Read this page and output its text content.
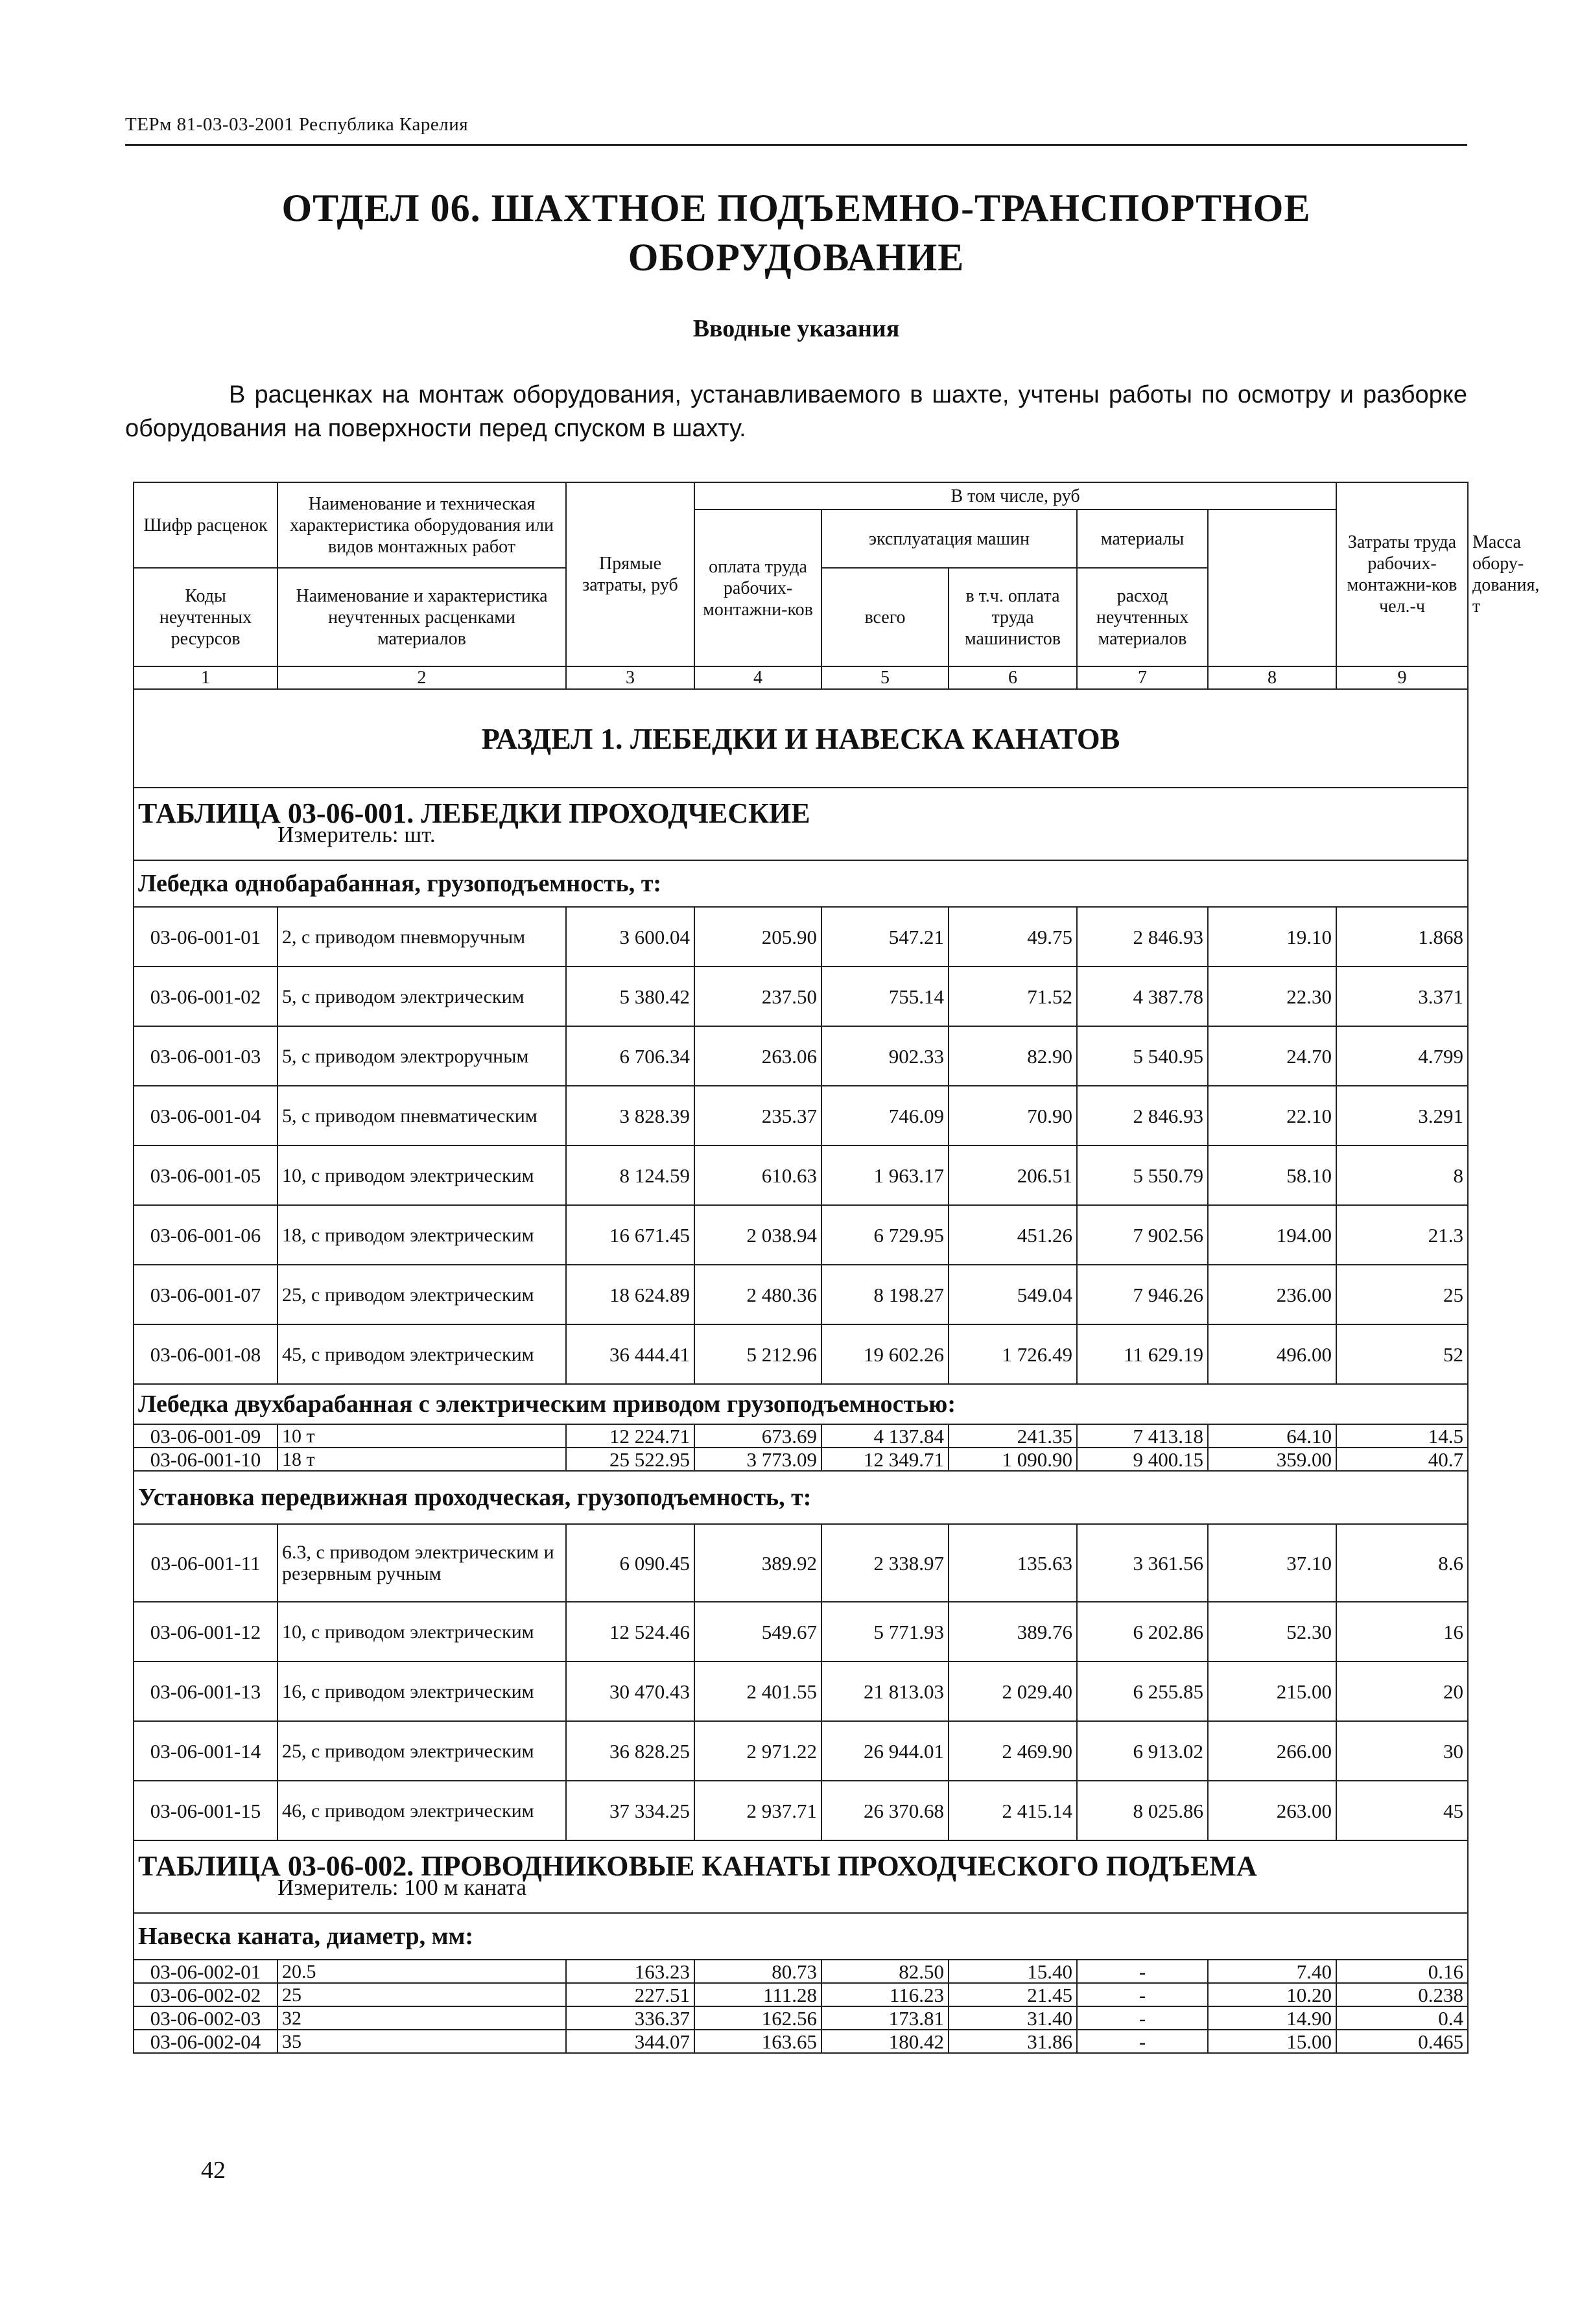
ТЕРм 81-03-03-2001 Республика Карелия
ОТДЕЛ 06. ШАХТНОЕ ПОДЪЕМНО-ТРАНСПОРТНОЕ
ОБОРУДОВАНИЕ
Вводные указания
В расценках на монтаж оборудования, устанавливаемого в шахте, учтены работы по осмотру и разборке оборудования на поверхности перед спуском в шахту.
Шифр расценок	Наименование и техническая характеристика оборудования или видов монтажных работ	Прямые затраты, руб	В том числе, руб					Затраты труда рабочих-монтажни-ков чел.-ч	Масса обору-дования, т
			оплата труда рабочих-монтажни-ков	эксплуатация машин		материалы			
Коды неучтенных ресурсов	Наименование и характеристика неучтенных расценками материалов			всего	в т.ч. оплата труда машинистов	расход неучтенных материалов			

1	2	3	4	5	6	7	8	9	
РАЗДЕЛ 1. ЛЕБЕДКИ И НАВЕСКА КАНАТОВ									
ТАБЛИЦА 03-06-001. ЛЕБЕДКИ ПРОХОДЧЕСКИЕ
Измеритель: шт.									

Лебедка однобарабанная, грузоподъемность, т:									
03-06-001-01	2, с приводом пневморучным	3 600.04	205.90	547.21	49.75	2 846.93	19.10	1.868	
03-06-001-02	5, с приводом электрическим	5 380.42	237.50	755.14	71.52	4 387.78	22.30	3.371	
03-06-001-03	5, с приводом электроручным	6 706.34	263.06	902.33	82.90	5 540.95	24.70	4.799	
03-06-001-04	5, с приводом пневматическим	3 828.39	235.37	746.09	70.90	2 846.93	22.10	3.291	
03-06-001-05	10, с приводом электрическим	8 124.59	610.63	1 963.17	206.51	5 550.79	58.10	8	
03-06-001-06	18, с приводом электрическим	16 671.45	2 038.94	6 729.95	451.26	7 902.56	194.00	21.3	
03-06-001-07	25, с приводом электрическим	18 624.89	2 480.36	8 198.27	549.04	7 946.26	236.00	25	
03-06-001-08	45, с приводом электрическим	36 444.41	5 212.96	19 602.26	1 726.49	11 629.19	496.00	52	
Лебедка двухбарабанная с электрическим приводом грузоподъемностью:									
03-06-001-09	10 т	12 224.71	673.69	4 137.84	241.35	7 413.18	64.10	14.5	
03-06-001-10	18 т	25 522.95	3 773.09	12 349.71	1 090.90	9 400.15	359.00	40.7	
Установка передвижная проходческая, грузоподъемность, т:									
03-06-001-11	6.3, с приводом электрическим и резервным ручным	6 090.45	389.92	2 338.97	135.63	3 361.56	37.10	8.6	
03-06-001-12	10, с приводом электрическим	12 524.46	549.67	5 771.93	389.76	6 202.86	52.30	16	
03-06-001-13	16, с приводом электрическим	30 470.43	2 401.55	21 813.03	2 029.40	6 255.85	215.00	20	
03-06-001-14	25, с приводом электрическим	36 828.25	2 971.22	26 944.01	2 469.90	6 913.02	266.00	30	
03-06-001-15	46, с приводом электрическим	37 334.25	2 937.71	26 370.68	2 415.14	8 025.86	263.00	45	
ТАБЛИЦА 03-06-002. ПРОВОДНИКОВЫЕ КАНАТЫ ПРОХОДЧЕСКОГО ПОДЪЕМА
Измеритель: 100 м каната									

Навеска каната, диаметр, мм:									
03-06-002-01	20.5	163.23	80.73	82.50	15.40	-	7.40	0.16	
03-06-002-02	25	227.51	111.28	116.23	21.45	-	10.20	0.238	
03-06-002-03	32	336.37	162.56	173.81	31.40	-	14.90	0.4	
03-06-002-04	35	344.07	163.65	180.42	31.86	-	15.00	0.465	
42
